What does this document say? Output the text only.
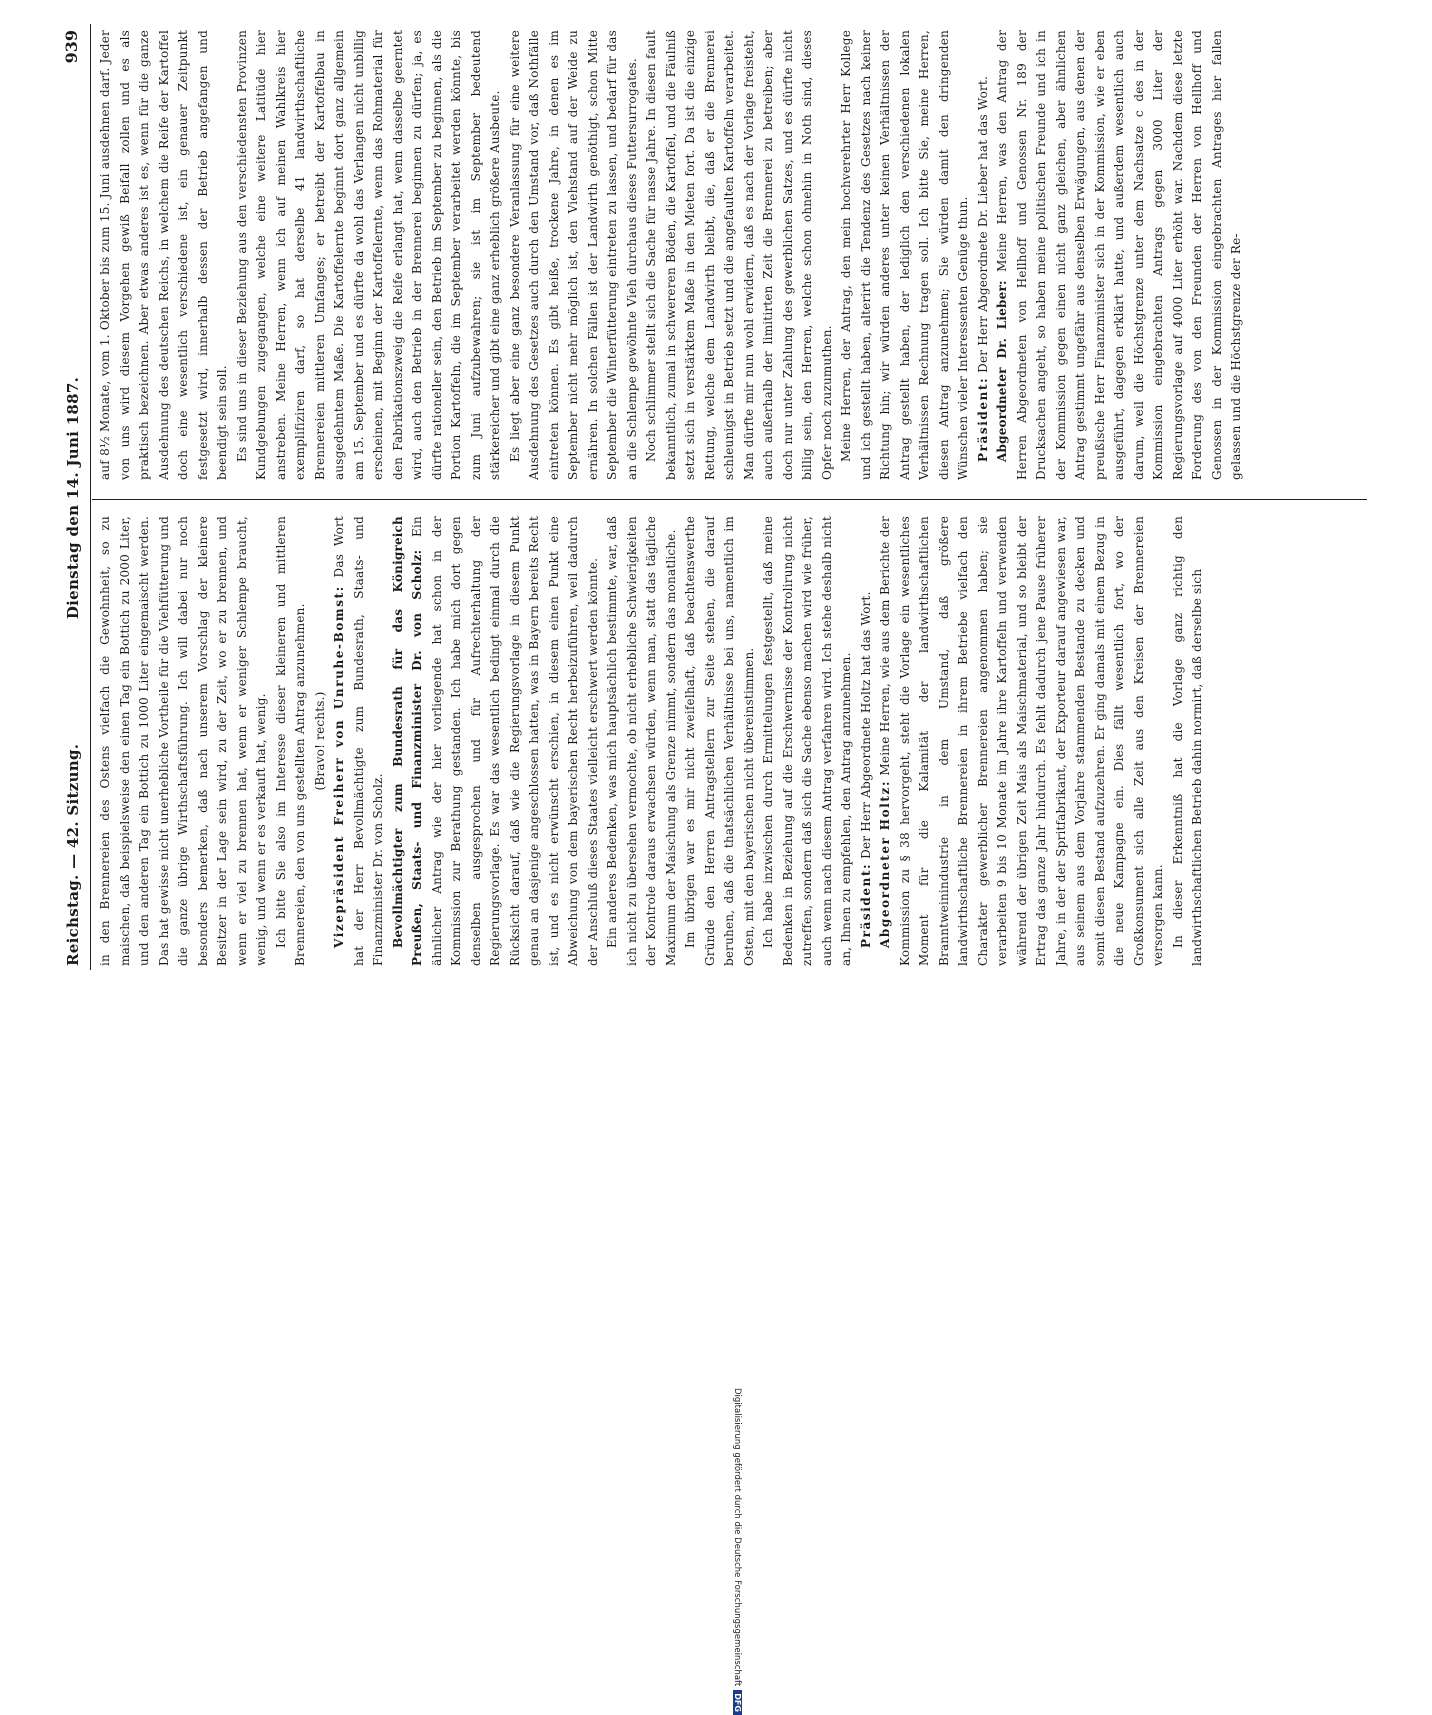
Reichstag. — 42. Sitzung.
Dienstag den 14. Juni 1887.
939

in den Brennereien des Ostens vielfach die Gewohnheit, so zu maischen, daß beispielsweise den einen Tag ein Bottich zu 2000 Liter, und den anderen Tag ein Bottich zu 1000 Liter eingemaischt werden. Das hat gewisse nicht unerhebliche Vortheile für die Viehfütterung und die ganze übrige Wirthschaftsführung. Ich will dabei nur noch besonders bemerken, daß nach unserem Vorschlag der kleinere Besitzer in der Lage sein wird, zu der Zeit, wo er zu brennen, und wenn er viel zu brennen hat, wenn er weniger Schlempe braucht, wenig, und wenn er es verkauft hat, wenig. Ich bitte Sie also im Interesse dieser kleineren und mittleren Brennereien, den von uns gestellten Antrag anzunehmen. (Bravo! rechts.) Vizepräsident Freiherr von Unruhe-Bomst: Das Wort hat der Herr Bevollmächtigte zum Bundesrath, Staats- und Finanzminister Dr. von Scholz. Bevollmächtigter zum Bundesrath für das Königreich Preußen, Staats- und Finanzminister Dr. von Scholz: Ein ähnlicher Antrag wie der hier vorliegende hat schon in der Kommission zur Berathung gestanden. Ich habe mich dort gegen denselben ausgesprochen und für Aufrechterhaltung der Regierungsvorlage. Es war das wesentlich bedingt einmal durch die Rücksicht darauf, daß wie die Regierungsvorlage in diesem Punkt genau an dasjenige angeschlossen hatten, was in Bayern bereits Recht ist, und es nicht erwünscht erschien, in diesem einen Punkt eine Abweichung von dem bayerischen Recht herbeizuführen, weil dadurch der Anschluß dieses Staates vielleicht erschwert werden könnte. Ein anderes Bedenken, was mich hauptsächlich bestimmte, war, daß ich nicht zu übersehen vermochte, ob nicht erhebliche Schwierigkeiten der Kontrole daraus erwachsen würden, wenn man, statt das tägliche Maximum der Maischung als Grenze nimmt, sondern das monatliche. Im übrigen war es mir nicht zweifelhaft, daß beachtenswerthe Gründe den Herren Antragstellern zur Seite stehen, die darauf beruhen, daß die thatsächlichen Verhältnisse bei uns, namentlich im Osten, mit den bayerischen nicht übereinstimmen. Ich habe inzwischen durch Ermittelungen festgestellt, daß meine Bedenken in Beziehung auf die Erschwernisse der Kontrolirung nicht zutreffen, sondern daß sich die Sache ebenso machen wird wie früher, auch wenn nach diesem Antrag verfahren wird. Ich stehe deshalb nicht an, Ihnen zu empfehlen, den Antrag anzunehmen. Präsident: Der Herr Abgeordnete Holtz hat das Wort.

Abgeordneter Holtz: Meine Herren, wie aus dem Berichte der Kommission zu § 38 hervorgeht, steht die Vorlage ein wesentliches Moment für die Kalamität der landwirthschaftlichen Branntweinindustrie in dem Umstand, daß größere landwirthschaftliche Brennereien in ihrem Betriebe vielfach den Charakter gewerblicher Brennereien angenommen haben; sie verarbeiten 9 bis 10 Monate im Jahre ihre Kartoffeln und verwenden während der übrigen Zeit Mais als Maischmaterial, und so bleibt der Ertrag das ganze Jahr hindurch. Es fehlt dadurch jene Pause früherer Jahre, in der der Spritfabrikant, der Exporteur darauf angewiesen war, aus seinem aus dem Vorjahre stammenden Bestande zu decken und somit diesen Bestand aufzuzehren. Er ging damals mit einem Bezug in die neue Kampagne ein. Dies fällt wesentlich fort, wo der Großkonsument sich alle Zeit aus den Kreisen der Brennereien versorgen kann. In dieser Erkenntniß hat die Vorlage ganz richtig den landwirthschaftlichen Betrieb dahin normirt, daß derselbe sich

auf 8½ Monate, vom 1. Oktober bis zum 15. Juni ausdehnen darf. Jeder von uns wird diesem Vorgehen gewiß Beifall zollen und es als praktisch bezeichnen. Aber etwas anderes ist es, wenn für die ganze Ausdehnung des deutschen Reichs, in welchem die Reife der Kartoffel doch eine wesentlich verschiedene ist, ein genauer Zeitpunkt festgesetzt wird, innerhalb dessen der Betrieb angefangen und beendigt sein soll. Es sind uns in dieser Beziehung aus den verschiedensten Provinzen Kundgebungen zugegangen, welche eine weitere Latitüde hier anstreben. Meine Herren, wenn ich auf meinen Wahlkreis hier exemplifiziren darf, so hat derselbe 41 landwirthschaftliche Brennereien mittleren Umfanges; er betreibt der Kartoffelbau in ausgedehntem Maße. Die Kartoffelernte beginnt dort ganz allgemein am 15. September und es dürfte da wohl das Verlangen nicht unbillig erscheinen, mit Beginn der Kartoffelernte, wenn das Rohmaterial für den Fabrikationszweig die Reife erlangt hat, wenn dasselbe geerntet wird, auch den Betrieb in der Brennerei beginnen zu dürfen; ja, es dürfte rationeller sein, den Betrieb im September zu beginnen, als die Portion Kartoffeln, die im September verarbeitet werden könnte, bis zum Juni aufzubewahren; sie ist im September bedeutend stärkereicher und gibt eine ganz erheblich größere Ausbeute. Es liegt aber eine ganz besondere Veranlassung für eine weitere Ausdehnung des Gesetzes auch durch den Umstand vor, daß Nothfälle eintreten können. Es gibt heiße, trockene Jahre, in denen es im September nicht mehr möglich ist, den Viehstand auf der Weide zu ernähren. In solchen Fällen ist der Landwirth genöthigt, schon Mitte September die Winterfütterung eintreten zu lassen, und bedarf für das an die Schlempe gewöhnte Vieh durchaus dieses Futtersurrogates. Noch schlimmer stellt sich die Sache für nasse Jahre. In diesen fault bekanntlich, zumal in schwereren Böden, die Kartoffel, und die Fäulniß setzt sich in verstärktem Maße in den Mieten fort. Da ist die einzige Rettung, welche dem Landwirth bleibt, die, daß er die Brennerei schleunigst in Betrieb setzt und die angefaulten Kartoffeln verarbeitet. Man dürfte mir nun wohl erwidern, daß es nach der Vorlage freisteht, auch außerhalb der limitirten Zeit die Brennerei zu betreiben; aber doch nur unter Zahlung des gewerblichen Satzes, und es dürfte nicht billig sein, den Herren, welche schon ohnehin in Noth sind, dieses Opfer noch zuzumuthen. Meine Herren, der Antrag, den mein hochverehrter Herr Kollege und ich gestellt haben, alterirt die Tendenz des Gesetzes nach keiner Richtung hin; wir würden anderes unter keinen Verhältnissen der Antrag gestellt haben, der lediglich den verschiedenen lokalen Verhältnissen Rechnung tragen soll. Ich bitte Sie, meine Herren, diesen Antrag anzunehmen; Sie würden damit den dringenden Wünschen vieler Interessenten Genüge thun. Präsident: Der Herr Abgeordnete Dr. Lieber hat das Wort. Abgeordneter Dr. Lieber: Meine Herren, was den Antrag der Herren Abgeordneten von Hellhoff und Genossen Nr. 189 der Drucksachen angeht, so haben meine politischen Freunde und ich in der Kommission gegen einen nicht ganz gleichen, aber ähnlichen Antrag gestimmt ungefähr aus denselben Erwägungen, aus denen der preußische Herr Finanzminister sich in der Kommission, wie er eben ausgeführt, dagegen erklärt hatte, und außerdem wesentlich auch darum, weil die Höchstgrenze unter dem Nachsatze c des in der Kommission eingebrachten Antrags gegen 3000 Liter der Regierungsvorlage auf 4000 Liter erhöht war. Nachdem diese letzte Forderung des von den Freunden der Herren von Hellhoff und Genossen in der Kommission eingebrachten Antrages hier fallen gelassen und die Höchstgrenze der Re-

Digitalisierung gefördert durch die Deutsche ForschungsgemeinschaftDFG
